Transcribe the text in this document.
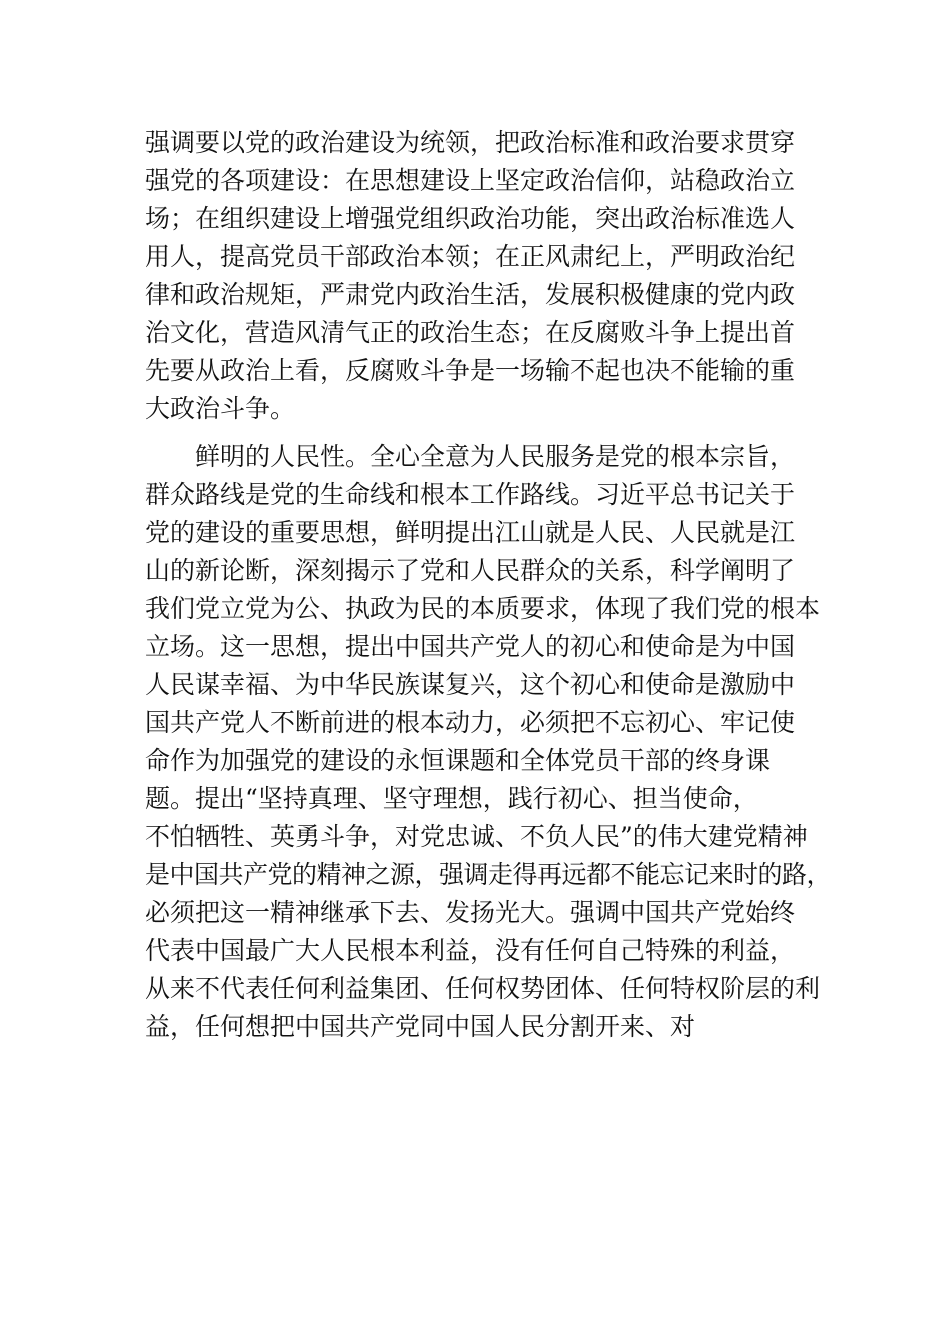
强调要以党的政治建设为统领，把政治标准和政治要求贯穿
强党的各项建设：在思想建设上坚定政治信仰，站稳政治立
场；在组织建设上增强党组织政治功能，突出政治标准选人
用人，提高党员干部政治本领；在正风肃纪上，严明政治纪
律和政治规矩，严肃党内政治生活，发展积极健康的党内政
治文化，营造风清气正的政治生态；在反腐败斗争上提出首
先要从政治上看，反腐败斗争是一场输不起也决不能输的重
大政治斗争。
鲜明的人民性。全心全意为人民服务是党的根本宗旨，
群众路线是党的生命线和根本工作路线。习近平总书记关于
党的建设的重要思想，鲜明提出江山就是人民、人民就是江
山的新论断，深刻揭示了党和人民群众的关系，科学阐明了
我们党立党为公、执政为民的本质要求，体现了我们党的根本
立场。这一思想，提出中国共产党人的初心和使命是为中国
人民谋幸福、为中华民族谋复兴，这个初心和使命是激励中
国共产党人不断前进的根本动力，必须把不忘初心、牢记使
命作为加强党的建设的永恒课题和全体党员干部的终身课
题。提出“坚持真理、坚守理想，践行初心、担当使命，
不怕牺牲、英勇斗争，对党忠诚、不负人民”的伟大建党精神
是中国共产党的精神之源，强调走得再远都不能忘记来时的路，
必须把这一精神继承下去、发扬光大。强调中国共产党始终
代表中国最广大人民根本利益，没有任何自己特殊的利益，
从来不代表任何利益集团、任何权势团体、任何特权阶层的利
益，任何想把中国共产党同中国人民分割开来、对
